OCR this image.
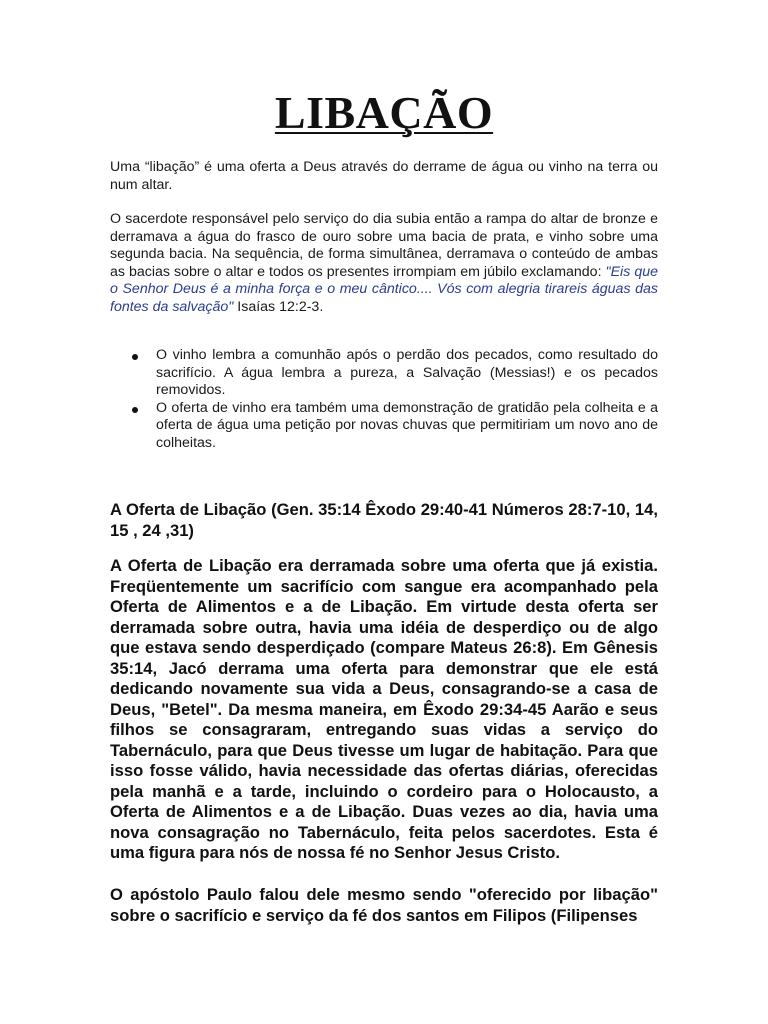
LIBAÇÃO

Uma “libação” é uma oferta a Deus através do derrame de água ou vinho na terra ou num altar.

O sacerdote responsável pelo serviço do dia subia então a rampa do altar de bronze e derramava a água do frasco de ouro sobre uma bacia de prata, e vinho sobre uma segunda bacia. Na sequência, de forma simultânea, derramava o conteúdo de ambas as bacias sobre o altar e todos os presentes irrompiam em júbilo exclamando: "Eis que o Senhor Deus é a minha força e o meu cântico.... Vós com alegria tirareis águas das fontes da salvação" Isaías 12:2-3.

O vinho lembra a comunhão após o perdão dos pecados, como resultado do sacrifício. A água lembra a pureza, a Salvação (Messias!) e os pecados removidos.
O oferta de vinho era também uma demonstração de gratidão pela colheita e a oferta de água uma petição por novas chuvas que permitiriam um novo ano de colheitas.
A Oferta de Libação (Gen. 35:14 Êxodo 29:40-41 Números 28:7-10, 14, 15 , 24 ,31)

A Oferta de Libação era derramada sobre uma oferta que já existia. Freqüentemente um sacrifício com sangue era acompanhado pela Oferta de Alimentos e a de Libação. Em virtude desta oferta ser derramada sobre outra, havia uma idéia de desperdiço ou de algo que estava sendo desperdiçado (compare Mateus 26:8). Em Gênesis 35:14, Jacó derrama uma oferta para demonstrar que ele está dedicando novamente sua vida a Deus, consagrando-se a casa de Deus, "Betel". Da mesma maneira, em Êxodo 29:34-45 Aarão e seus filhos se consagraram, entregando suas vidas a serviço do Tabernáculo, para que Deus tivesse um lugar de habitação. Para que isso fosse válido, havia necessidade das ofertas diárias, oferecidas pela manhã e a tarde, incluindo o cordeiro para o Holocausto, a Oferta de Alimentos e a de Libação. Duas vezes ao dia, havia uma nova consagração no Tabernáculo, feita pelos sacerdotes. Esta é uma figura para nós de nossa fé no Senhor Jesus Cristo.

O apóstolo Paulo falou dele mesmo sendo "oferecido por libação" sobre o sacrifício e serviço da fé dos santos em Filipos (Filipenses
